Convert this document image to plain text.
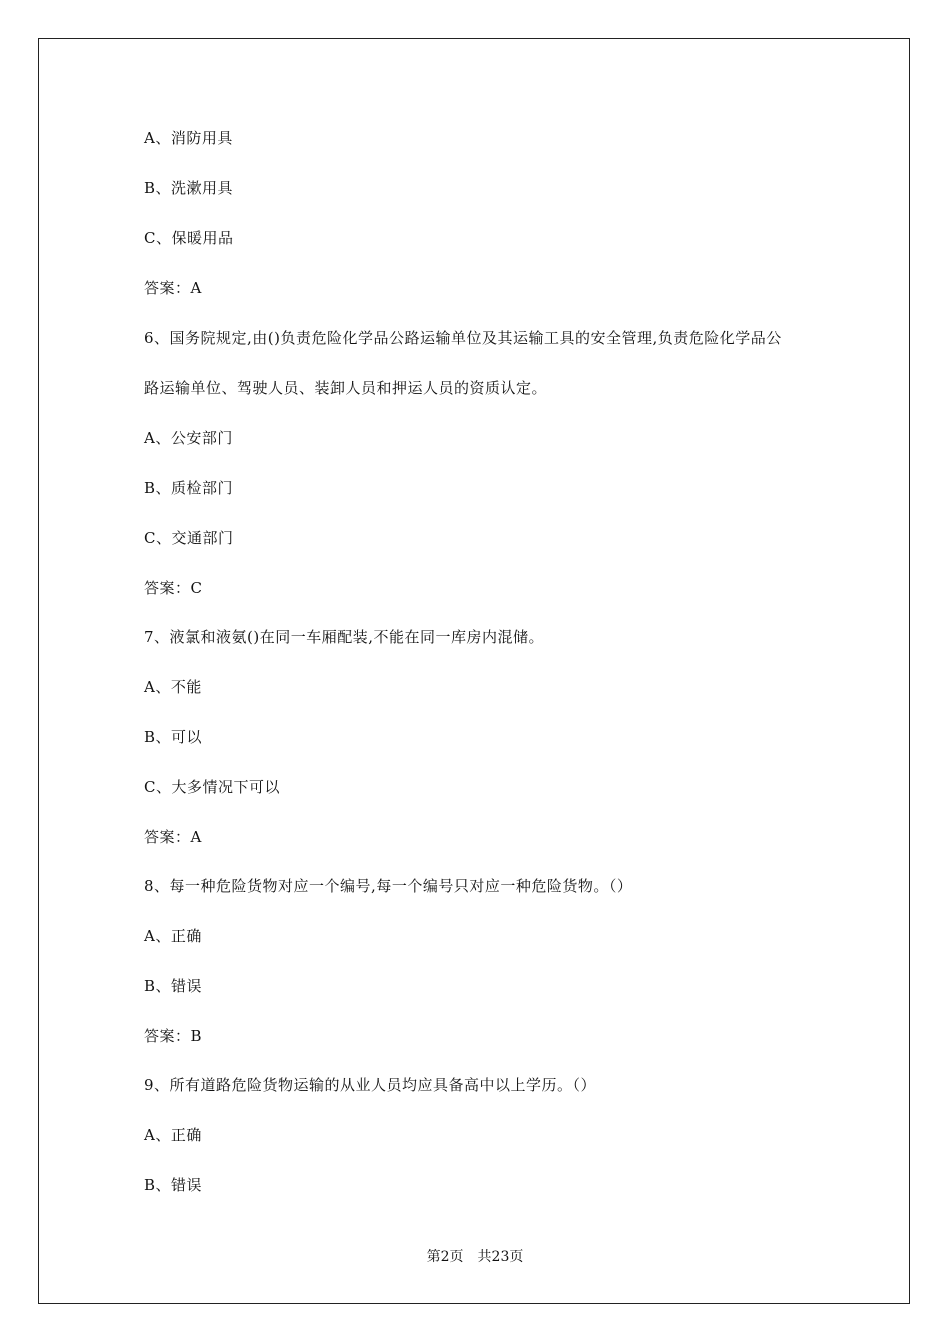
A、消防用具
B、洗漱用具
C、保暖用品
答案：A
6、国务院规定,由()负责危险化学品公路运输单位及其运输工具的安全管理,负责危险化学品公
路运输单位、驾驶人员、装卸人员和押运人员的资质认定。
A、公安部门
B、质检部门
C、交通部门
答案：C
7、液氯和液氨()在同一车厢配装,不能在同一库房内混储。
A、不能
B、可以
C、大多情况下可以
答案：A
8、每一种危险货物对应一个编号,每一个编号只对应一种危险货物。（）
A、正确
B、错误
答案：B
9、所有道路危险货物运输的从业人员均应具备高中以上学历。（）
A、正确
B、错误
第2页 共23页
